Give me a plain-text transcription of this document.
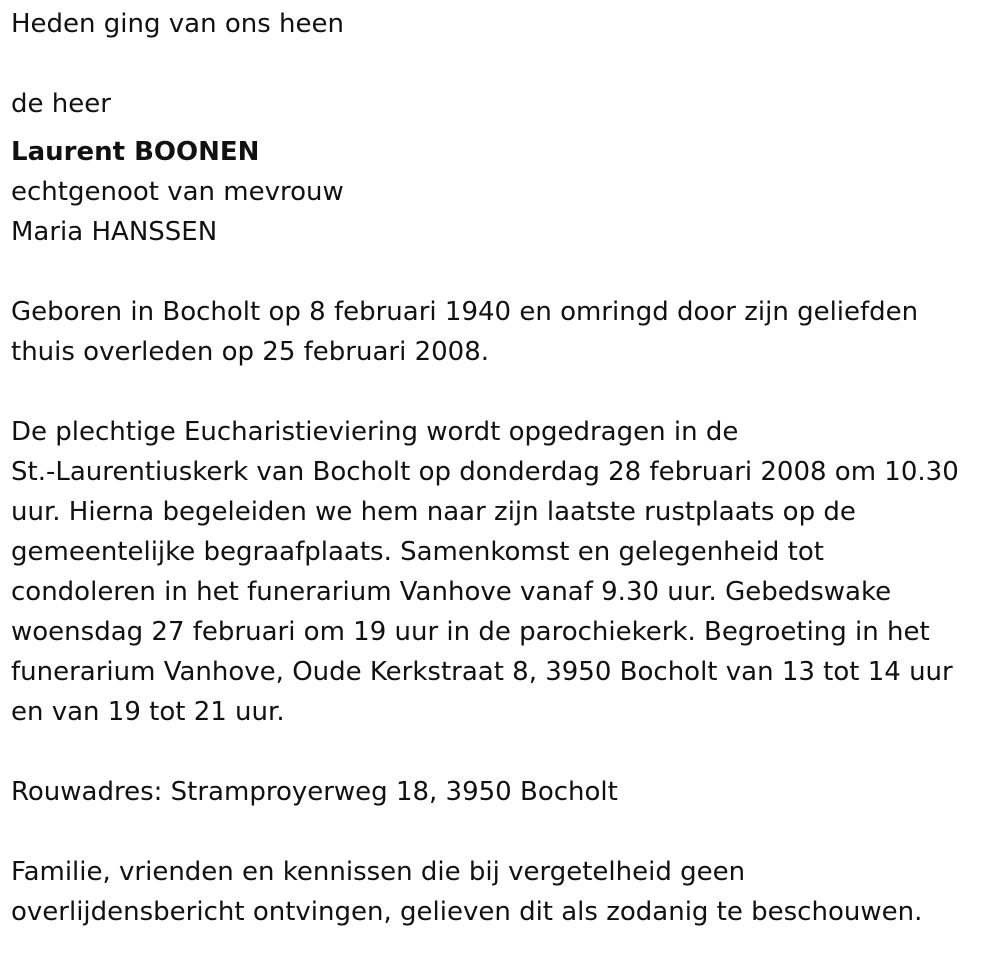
Heden ging van ons heen

de heer

Laurent BOONEN

echtgenoot van mevrouw

Maria HANSSEN

Geboren in Bocholt op 8 februari 1940 en omringd door zijn geliefden

thuis overleden op 25 februari 2008.

De plechtige Eucharistieviering wordt opgedragen in de

St.-Laurentiuskerk van Bocholt op donderdag 28 februari 2008 om 10.30

uur. Hierna begeleiden we hem naar zijn laatste rustplaats op de

gemeentelijke begraafplaats. Samenkomst en gelegenheid tot

condoleren in het funerarium Vanhove vanaf 9.30 uur. Gebedswake

woensdag 27 februari om 19 uur in de parochiekerk. Begroeting in het

funerarium Vanhove, Oude Kerkstraat 8, 3950 Bocholt van 13 tot 14 uur

en van 19 tot 21 uur.

Rouwadres: Stramproyerweg 18, 3950 Bocholt

Familie, vrienden en kennissen die bij vergetelheid geen

overlijdensbericht ontvingen, gelieven dit als zodanig te beschouwen.
